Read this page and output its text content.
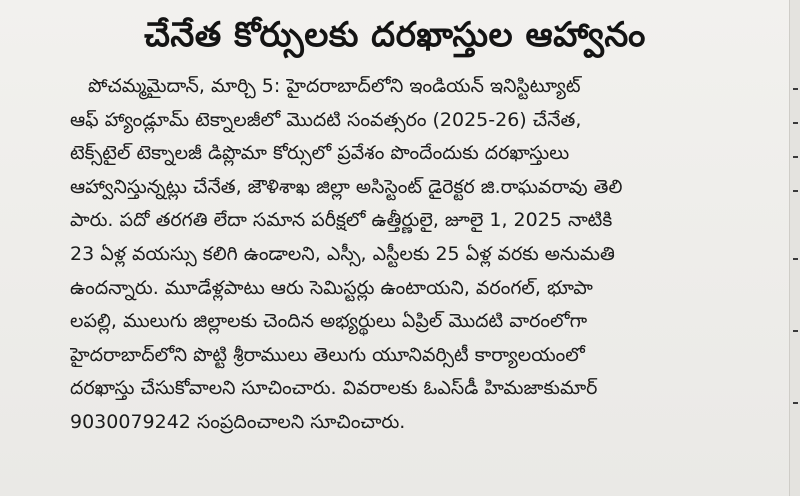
చేనేత కోర్సులకు దరఖాస్తుల ఆహ్వానం
పోచమ్మమైదాన్, మార్చి 5: హైదరాబాద్‌లోని ఇండియన్ ఇనిస్టిట్యూట్
ఆఫ్ హ్యాండ్లూమ్ టెక్నాలజీలో మొదటి సంవత్సరం (2025-26) చేనేత,
టెక్స్‌టైల్ టెక్నాలజీ డిప్లొమా కోర్సులో ప్రవేశం పొందేందుకు దరఖాస్తులు
ఆహ్వానిస్తున్నట్లు చేనేత, జౌళిశాఖ జిల్లా అసిస్టెంట్ డైరెక్టర జి.రాఘవరావు తెలి
పారు. పదో తరగతి లేదా సమాన పరీక్షలో ఉత్తీర్ణులై, జూలై 1, 2025 నాటికి
23 ఏళ్ల వయస్సు కలిగి ఉండాలని, ఎస్సీ, ఎస్టీలకు 25 ఏళ్ల వరకు అనుమతి
ఉందన్నారు. మూడేళ్లపాటు ఆరు సెమిస్టర్లు ఉంటాయని, వరంగల్, భూపా
లపల్లి, ములుగు జిల్లాలకు చెందిన అభ్యర్థులు ఏప్రిల్ మొదటి వారంలోగా
హైదరాబాద్‌లోని పొట్టి శ్రీరాములు తెలుగు యూనివర్సిటీ కార్యాలయంలో
దరఖాస్తు చేసుకోవాలని సూచించారు. వివరాలకు ఓఎస్‌డీ హిమజాకుమార్
9030079242 సంప్రదించాలని సూచించారు.
